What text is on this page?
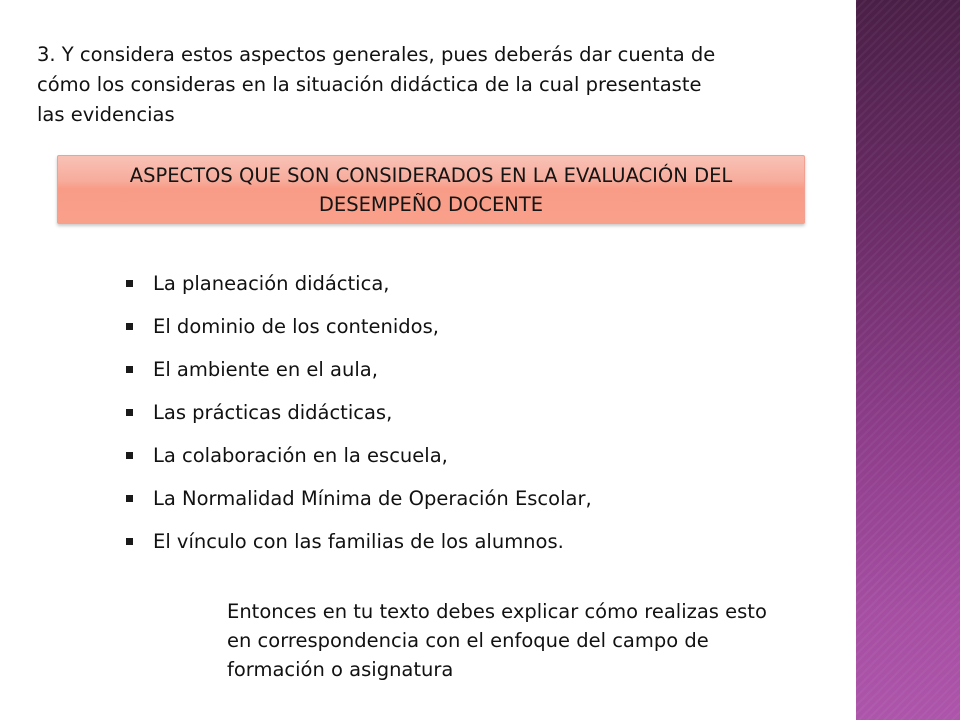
3. Y considera estos aspectos generales, pues deberás dar cuenta de
cómo los consideras en la situación didáctica de la cual presentaste
las evidencias

ASPECTOS QUE SON CONSIDERADOS EN LA EVALUACIÓN DEL
DESEMPEÑO DOCENTE
La planeación didáctica,
El dominio de los contenidos,
El ambiente en el aula,
Las prácticas didácticas,
La colaboración en la escuela,
La Normalidad Mínima de Operación Escolar,
El vínculo con las familias de los alumnos.

Entonces en tu texto debes explicar cómo realizas esto
en correspondencia con el enfoque del campo de
formación o asignatura
